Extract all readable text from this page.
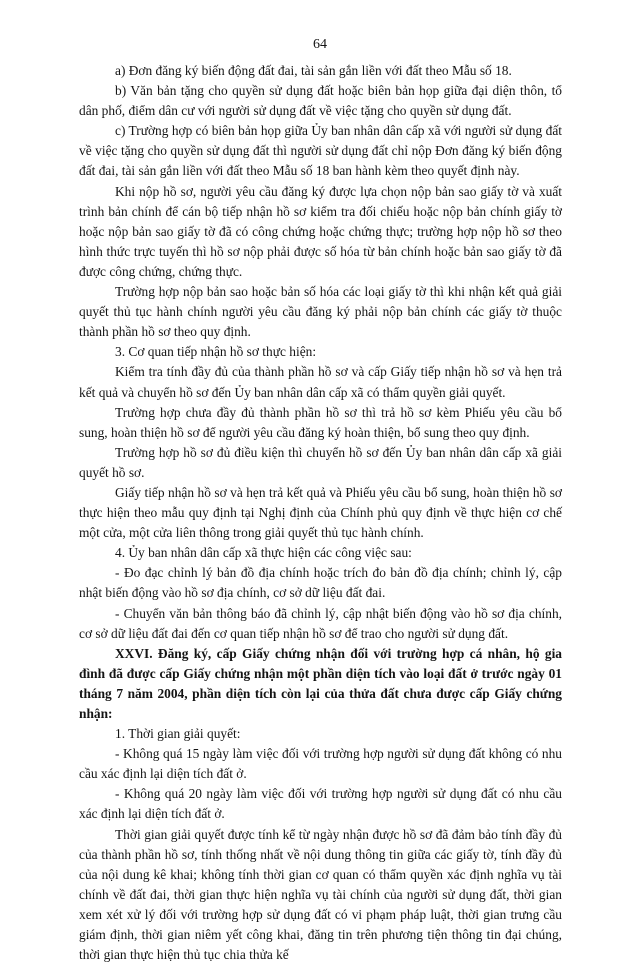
64

a) Đơn đăng ký biến động đất đai, tài sản gắn liền với đất theo Mẫu số 18.

b) Văn bản tặng cho quyền sử dụng đất hoặc biên bản họp giữa đại diện thôn, tổ dân phố, điểm dân cư với người sử dụng đất về việc tặng cho quyền sử dụng đất.

c) Trường hợp có biên bản họp giữa Ủy ban nhân dân cấp xã với người sử dụng đất về việc tặng cho quyền sử dụng đất thì người sử dụng đất chỉ nộp Đơn đăng ký biến động đất đai, tài sản gắn liền với đất theo Mẫu số 18 ban hành kèm theo quyết định này.

Khi nộp hồ sơ, người yêu cầu đăng ký được lựa chọn nộp bản sao giấy tờ và xuất trình bản chính để cán bộ tiếp nhận hồ sơ kiểm tra đối chiếu hoặc nộp bản chính giấy tờ hoặc nộp bản sao giấy tờ đã có công chứng hoặc chứng thực; trường hợp nộp hồ sơ theo hình thức trực tuyến thì hồ sơ nộp phải được số hóa từ bản chính hoặc bản sao giấy tờ đã được công chứng, chứng thực.

Trường hợp nộp bản sao hoặc bản số hóa các loại giấy tờ thì khi nhận kết quả giải quyết thủ tục hành chính người yêu cầu đăng ký phải nộp bản chính các giấy tờ thuộc thành phần hồ sơ theo quy định.

3. Cơ quan tiếp nhận hồ sơ thực hiện:

Kiểm tra tính đầy đủ của thành phần hồ sơ và cấp Giấy tiếp nhận hồ sơ và hẹn trả kết quả và chuyển hồ sơ đến Ủy ban nhân dân cấp xã có thẩm quyền giải quyết.

Trường hợp chưa đầy đủ thành phần hồ sơ thì trả hồ sơ kèm Phiếu yêu cầu bổ sung, hoàn thiện hồ sơ để người yêu cầu đăng ký hoàn thiện, bổ sung theo quy định.

Trường hợp hồ sơ đủ điều kiện thì chuyển hồ sơ đến Ủy ban nhân dân cấp xã giải quyết hồ sơ.

Giấy tiếp nhận hồ sơ và hẹn trả kết quả và Phiếu yêu cầu bổ sung, hoàn thiện hồ sơ thực hiện theo mẫu quy định tại Nghị định của Chính phủ quy định về thực hiện cơ chế một cửa, một cửa liên thông trong giải quyết thủ tục hành chính.

4. Ủy ban nhân dân cấp xã thực hiện các công việc sau:

- Đo đạc chỉnh lý bản đồ địa chính hoặc trích đo bản đồ địa chính; chỉnh lý, cập nhật biến động vào hồ sơ địa chính, cơ sở dữ liệu đất đai.

- Chuyển văn bản thông báo đã chỉnh lý, cập nhật biến động vào hồ sơ địa chính, cơ sở dữ liệu đất đai đến cơ quan tiếp nhận hồ sơ để trao cho người sử dụng đất.

XXVI. Đăng ký, cấp Giấy chứng nhận đối với trường hợp cá nhân, hộ gia đình đã được cấp Giấy chứng nhận một phần diện tích vào loại đất ở trước ngày 01 tháng 7 năm 2004, phần diện tích còn lại của thửa đất chưa được cấp Giấy chứng nhận:

1. Thời gian giải quyết:

- Không quá 15 ngày làm việc đối với trường hợp người sử dụng đất không có nhu cầu xác định lại diện tích đất ở.

- Không quá 20 ngày làm việc đối với trường hợp người sử dụng đất có nhu cầu xác định lại diện tích đất ở.

Thời gian giải quyết được tính kể từ ngày nhận được hồ sơ đã đảm bảo tính đầy đủ của thành phần hồ sơ, tính thống nhất về nội dung thông tin giữa các giấy tờ, tính đầy đủ của nội dung kê khai; không tính thời gian cơ quan có thẩm quyền xác định nghĩa vụ tài chính về đất đai, thời gian thực hiện nghĩa vụ tài chính của người sử dụng đất, thời gian xem xét xử lý đối với trường hợp sử dụng đất có vi phạm pháp luật, thời gian trưng cầu giám định, thời gian niêm yết công khai, đăng tin trên phương tiện thông tin đại chúng, thời gian thực hiện thủ tục chia thửa kế
